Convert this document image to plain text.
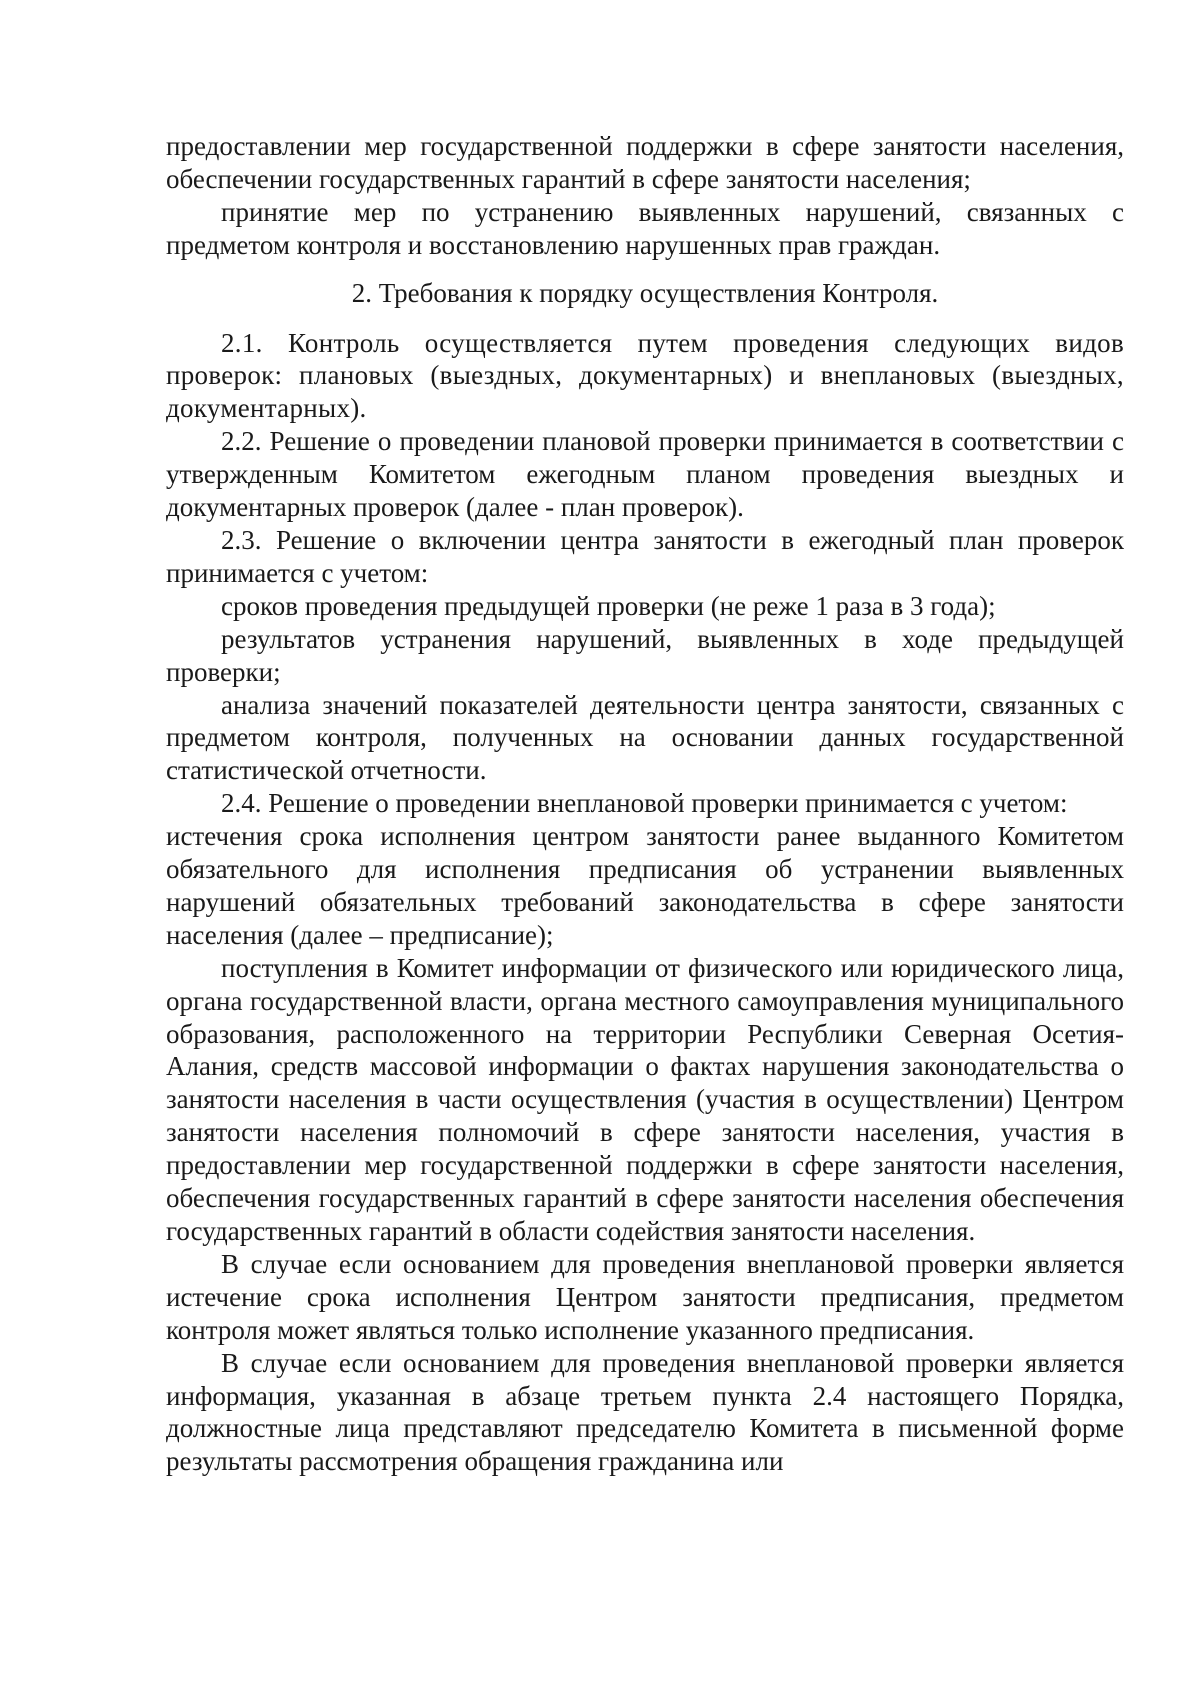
предоставлении мер государственной поддержки в сфере занятости населения, обеспечении государственных гарантий в сфере занятости населения;

принятие мер по устранению выявленных нарушений, связанных с предметом контроля и восстановлению нарушенных прав граждан.

2. Требования к порядку осуществления Контроля.

2.1. Контроль осуществляется путем проведения следующих видов проверок: плановых (выездных, документарных) и внеплановых (выездных, документарных).

2.2. Решение о проведении плановой проверки принимается в соответствии с утвержденным Комитетом ежегодным планом проведения выездных и документарных проверок (далее - план проверок).

2.3. Решение о включении центра занятости в ежегодный план проверок принимается с учетом:

сроков проведения предыдущей проверки (не реже 1 раза в 3 года);

результатов устранения нарушений, выявленных в ходе предыдущей проверки;

анализа значений показателей деятельности центра занятости, связанных с предметом контроля, полученных на основании данных государственной статистической отчетности.

2.4. Решение о проведении внеплановой проверки принимается с учетом:

истечения срока исполнения центром занятости ранее выданного Комитетом обязательного для исполнения предписания об устранении выявленных нарушений обязательных требований законодательства в сфере занятости населения (далее – предписание);

поступления в Комитет информации от физического или юридического лица, органа государственной власти, органа местного самоуправления муниципального образования, расположенного на территории Республики Северная Осетия-Алания, средств массовой информации о фактах нарушения законодательства о занятости населения в части осуществления (участия в осуществлении) Центром занятости населения полномочий в сфере занятости населения, участия в предоставлении мер государственной поддержки в сфере занятости населения, обеспечения государственных гарантий в сфере занятости населения обеспечения государственных гарантий в области содействия занятости населения.

В случае если основанием для проведения внеплановой проверки является истечение срока исполнения Центром занятости предписания, предметом контроля может являться только исполнение указанного предписания.

В случае если основанием для проведения внеплановой проверки является информация, указанная в абзаце третьем пункта 2.4 настоящего Порядка, должностные лица представляют председателю Комитета в письменной форме результаты рассмотрения обращения гражданина или
